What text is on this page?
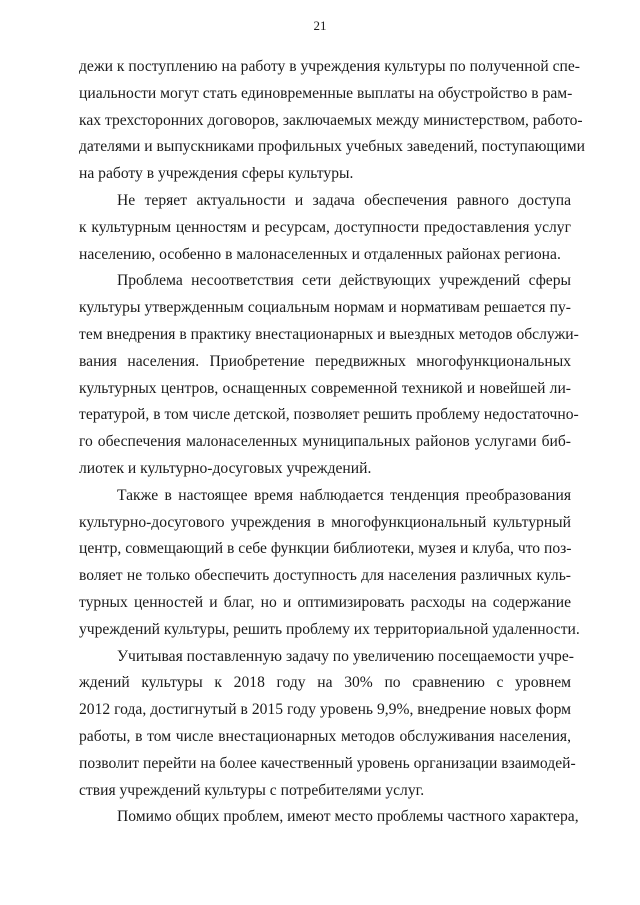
21
дежи к поступлению на работу в учреждения культуры по полученной спе-
циальности могут стать единовременные выплаты на обустройство в рам-
ках трехсторонних договоров, заключаемых между министерством, работо-
дателями и выпускниками профильных учебных заведений, поступающими
на работу в учреждения сферы культуры.
Не теряет актуальности и задача обеспечения равного доступа
к культурным ценностям и ресурсам, доступности предоставления услуг
населению, особенно в малонаселенных и отдаленных районах региона.
Проблема несоответствия сети действующих учреждений сферы
культуры утвержденным социальным нормам и нормативам решается пу-
тем внедрения в практику внестационарных и выездных методов обслужи-
вания населения. Приобретение передвижных многофункциональных
культурных центров, оснащенных современной техникой и новейшей ли-
тературой, в том числе детской, позволяет решить проблему недостаточно-
го обеспечения малонаселенных муниципальных районов услугами биб-
лиотек и культурно-досуговых учреждений.
Также в настоящее время наблюдается тенденция преобразования
культурно-досугового учреждения в многофункциональный культурный
центр, совмещающий в себе функции библиотеки, музея и клуба, что поз-
воляет не только обеспечить доступность для населения различных куль-
турных ценностей и благ, но и оптимизировать расходы на содержание
учреждений культуры, решить проблему их территориальной удаленности.
Учитывая поставленную задачу по увеличению посещаемости учре-
ждений культуры к 2018 году на 30% по сравнению с уровнем
2012 года, достигнутый в 2015 году уровень 9,9%, внедрение новых форм
работы, в том числе внестационарных методов обслуживания населения,
позволит перейти на более качественный уровень организации взаимодей-
ствия учреждений культуры с потребителями услуг.
Помимо общих проблем, имеют место проблемы частного характера,
